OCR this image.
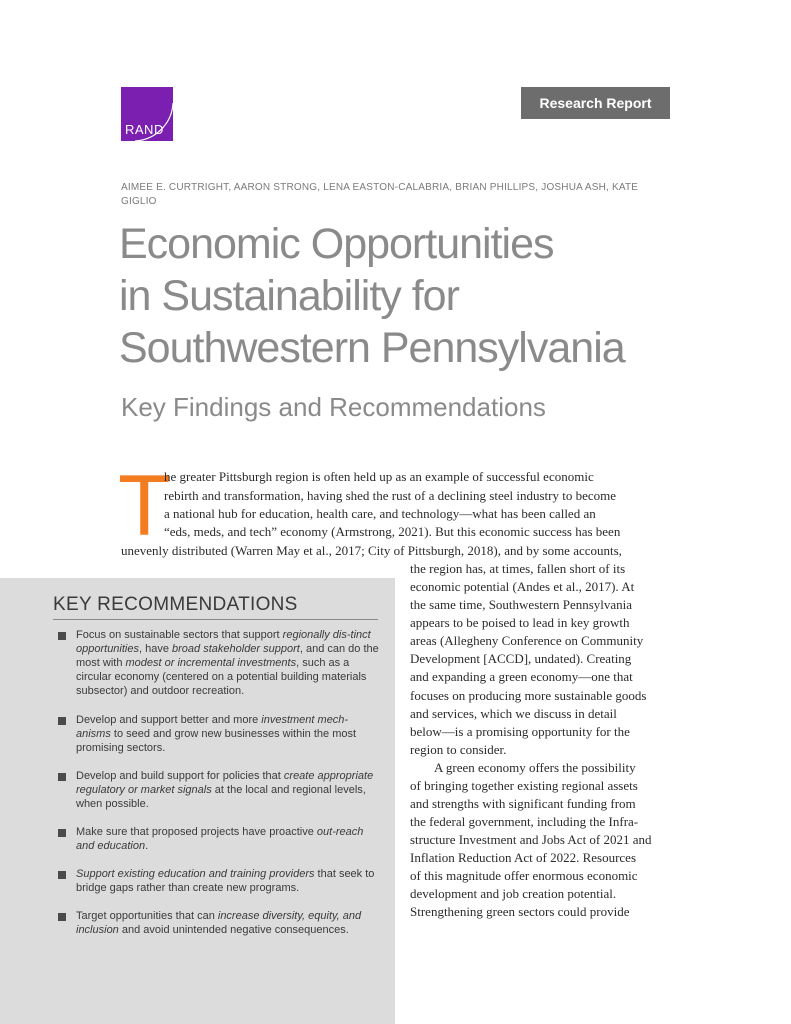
RAND
Research Report
AIMEE E. CURTRIGHT, AARON STRONG, LENA EASTON-CALABRIA, BRIAN PHILLIPS, JOSHUA ASH, KATE GIGLIO
Economic Opportunities
in Sustainability for
Southwestern Pennsylvania
Key Findings and Recommendations
T
he greater Pittsburgh region is often held up as an example of successful economic
rebirth and transformation, having shed the rust of a declining steel industry to become
a national hub for education, health care, and technology—what has been called an
“eds, meds, and tech” economy (Armstrong, 2021). But this economic success has been
unevenly distributed (Warren May et al., 2017; City of Pittsburgh, 2018), and by some accounts,
the region has, at times, fallen short of its
economic potential (Andes et al., 2017). At
the same time, Southwestern Pennsylvania
appears to be poised to lead in key growth
areas (Allegheny Conference on Community
Development [ACCD], undated). Creating
and expanding a green economy—one that
focuses on producing more sustainable goods
and services, which we discuss in detail
below—is a promising opportunity for the
region to consider.
A green economy offers the possibility
of bringing together existing regional assets
and strengths with significant funding from
the federal government, including the Infra-
structure Investment and Jobs Act of 2021 and
Inflation Reduction Act of 2022. Resources
of this magnitude offer enormous economic
development and job creation potential.
Strengthening green sectors could provide
KEY RECOMMENDATIONS
Focus on sustainable sectors that support regionally dis-tinct opportunities, have broad stakeholder support, and can do the most with modest or incremental investments, such as a circular economy (centered on a potential building materials subsector) and outdoor recreation.
Develop and support better and more investment mech-anisms to seed and grow new businesses within the most promising sectors.
Develop and build support for policies that create appropriate regulatory or market signals at the local and regional levels, when possible.
Make sure that proposed projects have proactive out-reach and education.
Support existing education and training providers that seek to bridge gaps rather than create new programs.
Target opportunities that can increase diversity, equity, and inclusion and avoid unintended negative consequences.
